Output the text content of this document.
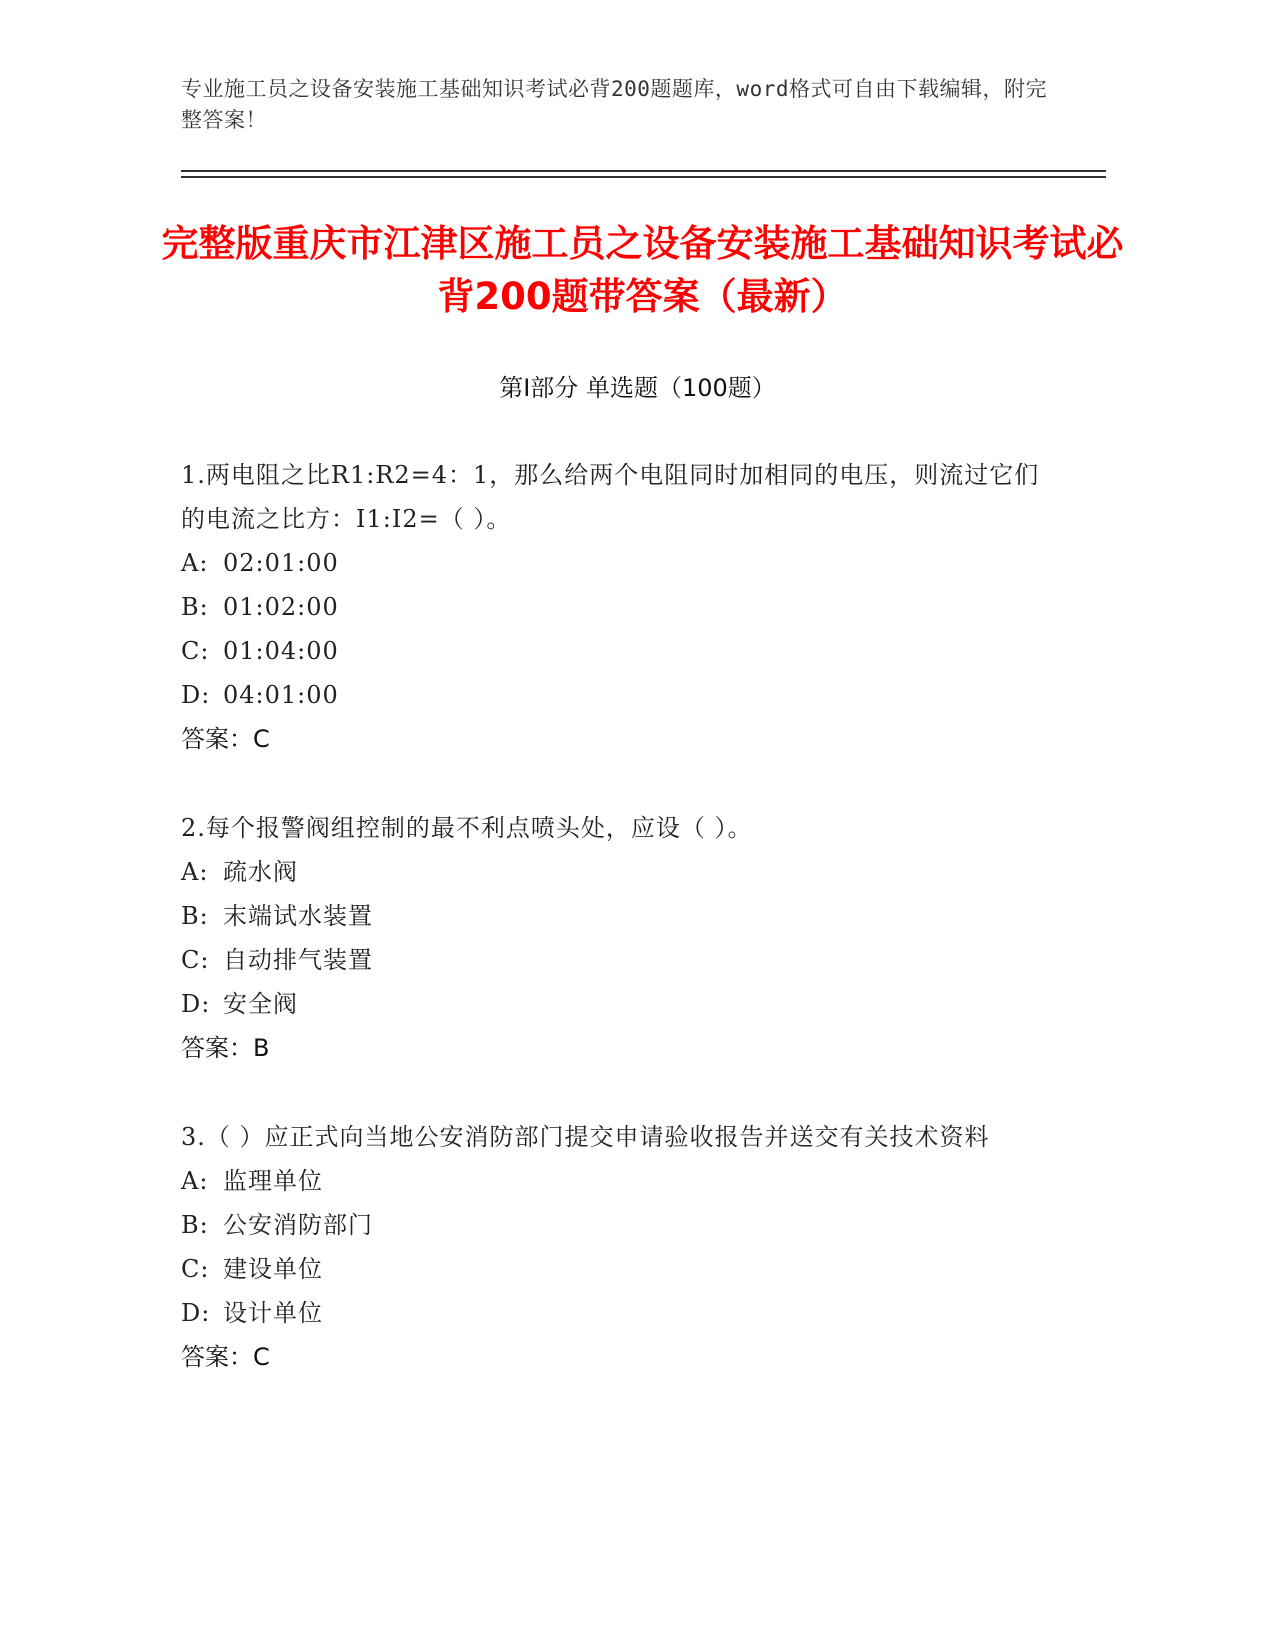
专业施工员之设备安装施工基础知识考试必背200题题库，word格式可自由下载编辑，附完整答案！
完整版重庆市江津区施工员之设备安装施工基础知识考试必背200题带答案（最新）
第Ⅰ部分 单选题（100题）
1.两电阻之比R1:R2=4：1，那么给两个电阻同时加相同的电压，则流过它们的电流之比方：I1:I2=（ ）。
A: 02:01:00
B: 01:02:00
C: 01:04:00
D: 04:01:00
答案：C
2.每个报警阀组控制的最不利点喷头处，应设（ ）。
A: 疏水阀
B: 末端试水装置
C: 自动排气装置
D: 安全阀
答案：B
3.（ ）应正式向当地公安消防部门提交申请验收报告并送交有关技术资料
A: 监理单位
B: 公安消防部门
C: 建设单位
D: 设计单位
答案：C
